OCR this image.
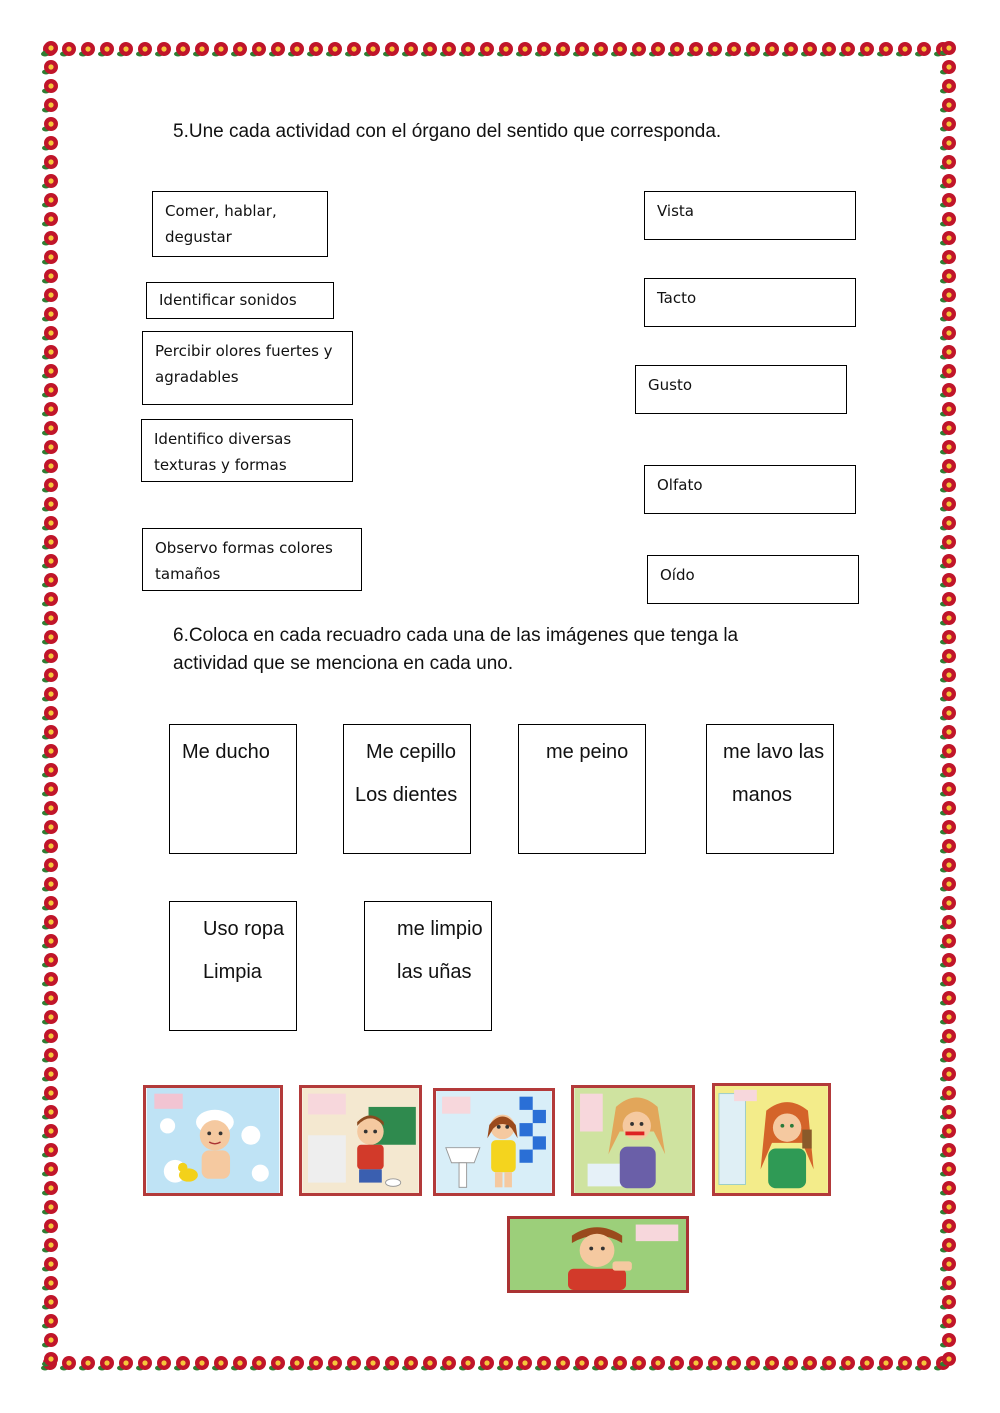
5.Une cada actividad con el órgano del sentido que corresponda.
Comer, hablar, degustar
Identificar sonidos
Percibir olores fuertes y agradables
Identifico diversas texturas y formas
Observo formas colores tamaños
Vista
Tacto
Gusto
Olfato
Oído
6.Coloca en cada recuadro cada una de las imágenes que tenga la
actividad que se menciona en cada uno.
Me ducho	Me cepillo
Los dientes
me peino	me lavo las
manos
Uso ropa
Limpia
me limpio
las uñas
